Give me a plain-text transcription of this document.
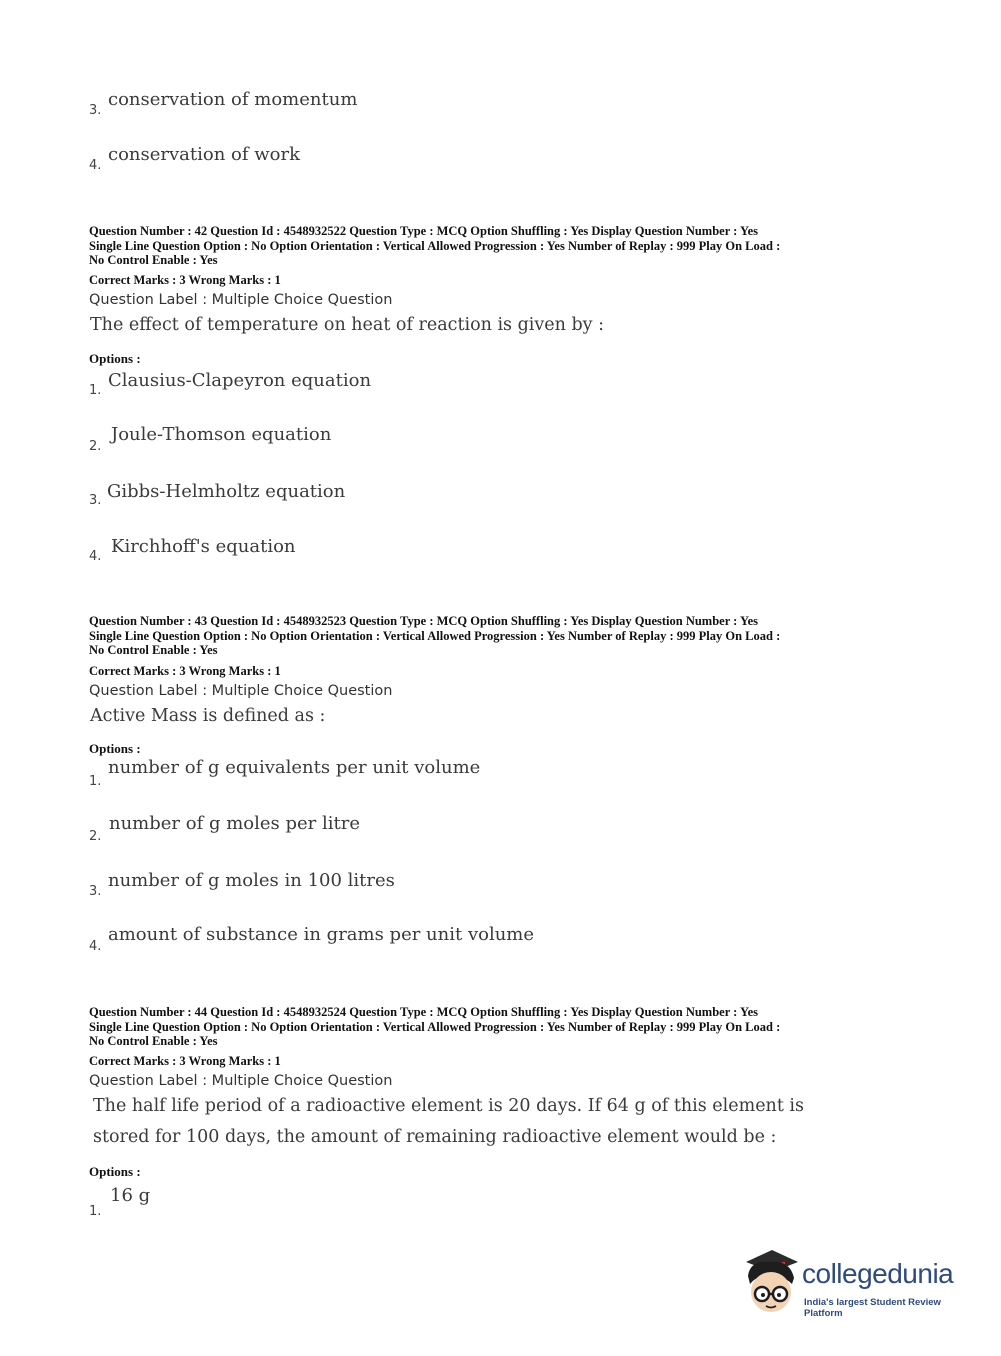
3.
conservation of momentum
4.
conservation of work
Question Number : 42 Question Id : 4548932522 Question Type : MCQ Option Shuffling : Yes Display Question Number : Yes
Single Line Question Option : No Option Orientation : Vertical Allowed Progression : Yes Number of Replay : 999 Play On Load :
No Control Enable : Yes
Correct Marks : 3 Wrong Marks : 1
Question Label : Multiple Choice Question
The effect of temperature on heat of reaction is given by :
Options :
1. Clausius-Clapeyron equation
2.
Joule-Thomson equation
3. Gibbs-Helmholtz equation
4. Kirchhoff's equation
Question Number : 43 Question Id : 4548932523 Question Type : MCQ Option Shuffling : Yes Display Question Number : Yes
Single Line Question Option : No Option Orientation : Vertical Allowed Progression : Yes Number of Replay : 999 Play On Load :
No Control Enable : Yes
Correct Marks : 3 Wrong Marks : 1
Question Label : Multiple Choice Question
Active Mass is defined as :
Options :
1.
number of g equivalents per unit volume
2.
number of g moles per litre
3.
number of g moles in 100 litres
4.
amount of substance in grams per unit volume
Question Number : 44 Question Id : 4548932524 Question Type : MCQ Option Shuffling : Yes Display Question Number : Yes
Single Line Question Option : No Option Orientation : Vertical Allowed Progression : Yes Number of Replay : 999 Play On Load :
No Control Enable : Yes
Correct Marks : 3 Wrong Marks : 1
Question Label : Multiple Choice Question
The half life period of a radioactive element is 20 days. If 64 g of this element is
stored for 100 days, the amount of remaining radioactive element would be :
Options :
1.
16 g
collegedunia
India's largest Student Review Platform
